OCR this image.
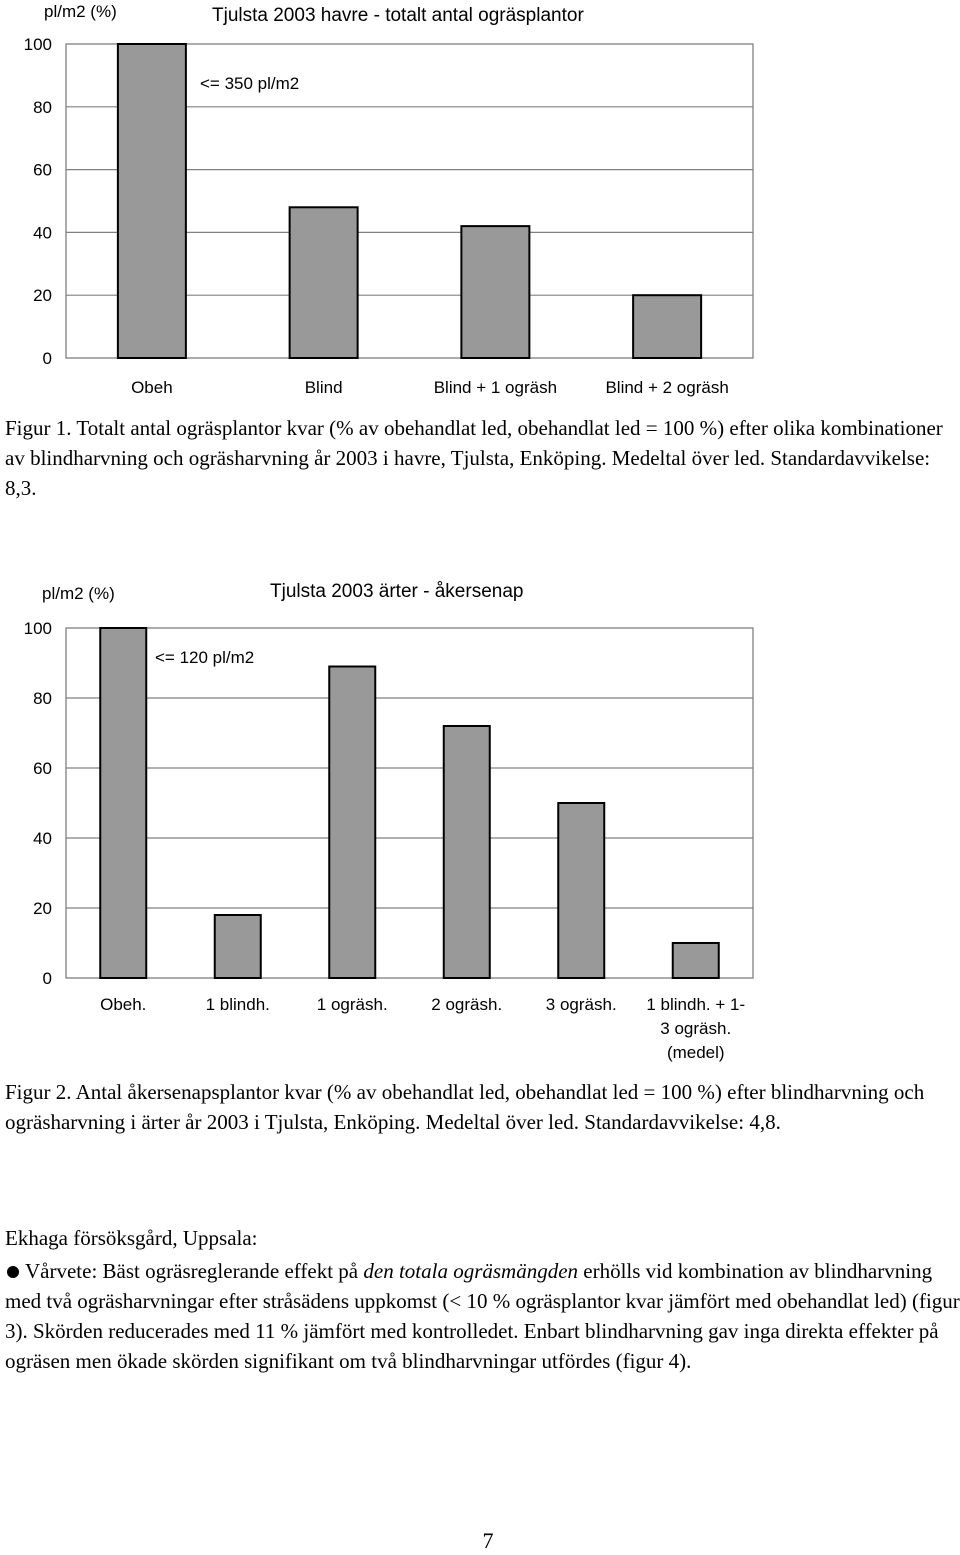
pl/m2 (%)	Tjulsta 2003 havre - totalt antal ogräsplantor
<= 350 pl/m2
0
20
40
60
80
100
Obeh	Blind	Blind + 1 ogräsh	Blind + 2 ogräsh

Figur 1. Totalt antal ogräsplantor kvar (% av obehandlat led, obehandlat led = 100 %) efter olika kombinationer av blindharvning och ogräsharvning år 2003 i havre, Tjulsta, Enköping. Medeltal över led. Standardavvikelse: 8,3.

pl/m2 (%)	Tjulsta 2003 ärter - åkersenap
<= 120 pl/m2
0
20
40
60
80
100
Obeh.	1 blindh.	1 ogräsh.	2 ogräsh.	3 ogräsh. 1 blindh. + 1-3 ogräsh. (medel)

Figur 2. Antal åkersenapsplantor kvar (% av obehandlat led, obehandlat led = 100 %) efter blindharvning och ogräsharvning i ärter år 2003 i Tjulsta, Enköping. Medeltal över led. Standardavvikelse: 4,8.

Ekhaga försöksgård, Uppsala:

Vårvete: Bäst ogräsreglerande effekt på den totala ogräsmängden erhölls vid kombination av blindharvning med två ogräsharvningar efter stråsädens uppkomst (< 10 % ogräsplantor kvar jämfört med obehandlat led) (figur 3). Skörden reducerades med 11 % jämfört med kontrolledet. Enbart blindharvning gav inga direkta effekter på ogräsen men ökade skörden signifikant om två blindharvningar utfördes (figur 4).
7
